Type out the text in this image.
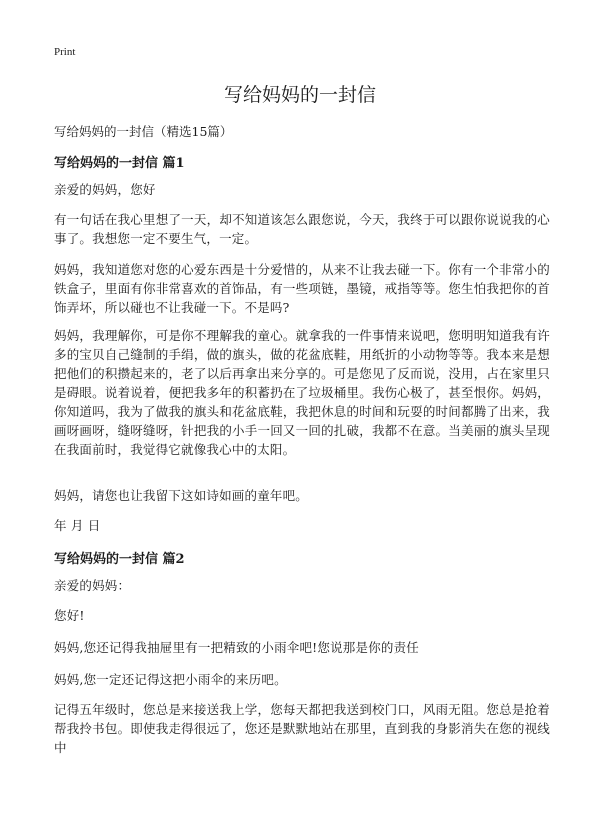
Print
写给妈妈的一封信
写给妈妈的一封信（精选15篇）
写给妈妈的一封信 篇1

亲爱的妈妈，您好

有一句话在我心里想了一天，却不知道该怎么跟您说，今天，我终于可以跟你说说我的心事了。我想您一定不要生气，一定。

妈妈，我知道您对您的心爱东西是十分爱惜的，从来不让我去碰一下。你有一个非常小的铁盒子，里面有你非常喜欢的首饰品，有一些项链，墨镜，戒指等等。您生怕我把你的首饰弄坏，所以碰也不让我碰一下。不是吗?

妈妈，我理解你，可是你不理解我的童心。就拿我的一件事情来说吧，您明明知道我有许多的宝贝自己缝制的手绢，做的旗头，做的花盆底鞋，用纸折的小动物等等。我本来是想把他们的积攒起来的，老了以后再拿出来分享的。可是您见了反而说，没用，占在家里只是碍眼。说着说着，便把我多年的积蓄扔在了垃圾桶里。我伤心极了，甚至恨你。妈妈，你知道吗，我为了做我的旗头和花盆底鞋，我把休息的时间和玩耍的时间都腾了出来，我画呀画呀，缝呀缝呀，针把我的小手一回又一回的扎破，我都不在意。当美丽的旗头呈现在我面前时，我觉得它就像我心中的太阳。

妈妈，请您也让我留下这如诗如画的童年吧。

年 月 日

写给妈妈的一封信 篇2

亲爱的妈妈：

您好!

妈妈,您还记得我抽屉里有一把精致的小雨伞吧!您说那是你的责任

妈妈,您一定还记得这把小雨伞的来历吧。

记得五年级时，您总是来接送我上学，您每天都把我送到校门口，风雨无阻。您总是抢着帮我拎书包。即使我走得很远了，您还是默默地站在那里，直到我的身影消失在您的视线中
